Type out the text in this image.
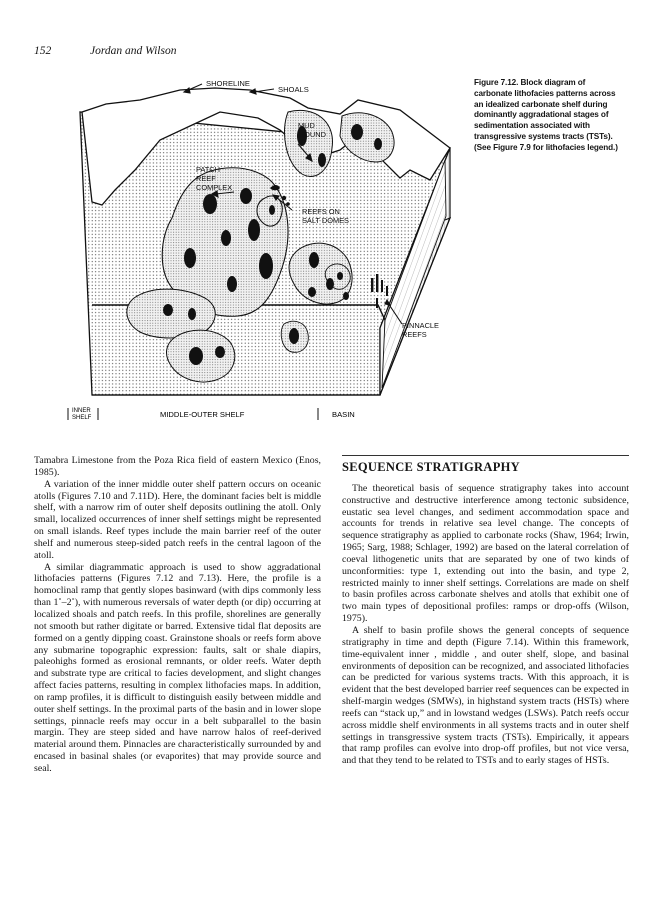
152	Jordan and Wilson
SHORELINE
SHOALS
MUD MOUND
PATCH REEF COMPLEX
REEFS ON SALT DOMES
PINNACLE REEFS
INNER
SHELF	MIDDLE-OUTER SHELF	BASIN
Figure 7.12. Block diagram of carbonate lithofacies patterns across an idealized carbonate shelf during dominantly aggradational stages of sedimentation associated with transgressive systems tracts (TSTs). (See Figure 7.9 for lithofacies legend.)

Tamabra Limestone from the Poza Rica field of eastern Mexico (Enos, 1985).

A variation of the inner middle outer shelf pattern occurs on oceanic atolls (Figures 7.10 and 7.11D). Here, the dominant facies belt is middle shelf, with a narrow rim of outer shelf deposits outlining the atoll. Only small, localized occurrences of inner shelf settings might be represented on small islands. Reef types include the main barrier reef of the outer shelf and numerous steep-sided patch reefs in the central lagoon of the atoll.

A similar diagrammatic approach is used to show aggradational lithofacies patterns (Figures 7.12 and 7.13). Here, the profile is a homoclinal ramp that gently slopes basinward (with dips commonly less than 1˚–2˚), with numerous reversals of water depth (or dip) occurring at localized shoals and patch reefs. In this profile, shorelines are generally not smooth but rather digitate or barred. Extensive tidal flat deposits are formed on a gently dipping coast. Grainstone shoals or reefs form above any submarine topographic expression: faults, salt or shale diapirs, paleohighs formed as erosional remnants, or older reefs. Water depth and substrate type are critical to facies development, and slight changes affect facies patterns, resulting in complex lithofacies maps. In addition, on ramp profiles, it is difficult to distinguish easily between middle and outer shelf settings. In the proximal parts of the basin and in lower slope settings, pinnacle reefs may occur in a belt subparallel to the basin margin. They are steep sided and have narrow halos of reef-derived material around them. Pinnacles are characteristically surrounded by and encased in basinal shales (or evaporites) that may provide source and seal.

SEQUENCE STRATIGRAPHY

The theoretical basis of sequence stratigraphy takes into account constructive and destructive interference among tectonic subsidence, eustatic sea level changes, and sediment accommodation space and accounts for trends in relative sea level change. The concepts of sequence stratigraphy as applied to carbonate rocks (Shaw, 1964; Irwin, 1965; Sarg, 1988; Schlager, 1992) are based on the lateral correlation of coeval lithogenetic units that are separated by one of two kinds of unconformities: type 1, extending out into the basin, and type 2, restricted mainly to inner shelf settings. Correlations are made on shelf to basin profiles across carbonate shelves and atolls that exhibit one of two main types of depositional profiles: ramps or drop-offs (Wilson, 1975).

A shelf to basin profile shows the general concepts of sequence stratigraphy in time and depth (Figure 7.14). Within this framework, time-equivalent inner , middle , and outer shelf, slope, and basinal environments of deposition can be recognized, and associated lithofacies can be predicted for various systems tracts. With this approach, it is evident that the best developed barrier reef sequences can be expected in shelf-margin wedges (SMWs), in highstand system tracts (HSTs) where reefs can “stack up,” and in lowstand wedges (LSWs). Patch reefs occur across middle shelf environments in all systems tracts and in outer shelf settings in transgressive system tracts (TSTs). Empirically, it appears that ramp profiles can evolve into drop-off profiles, but not vice versa, and that they tend to be related to TSTs and to early stages of HSTs.
